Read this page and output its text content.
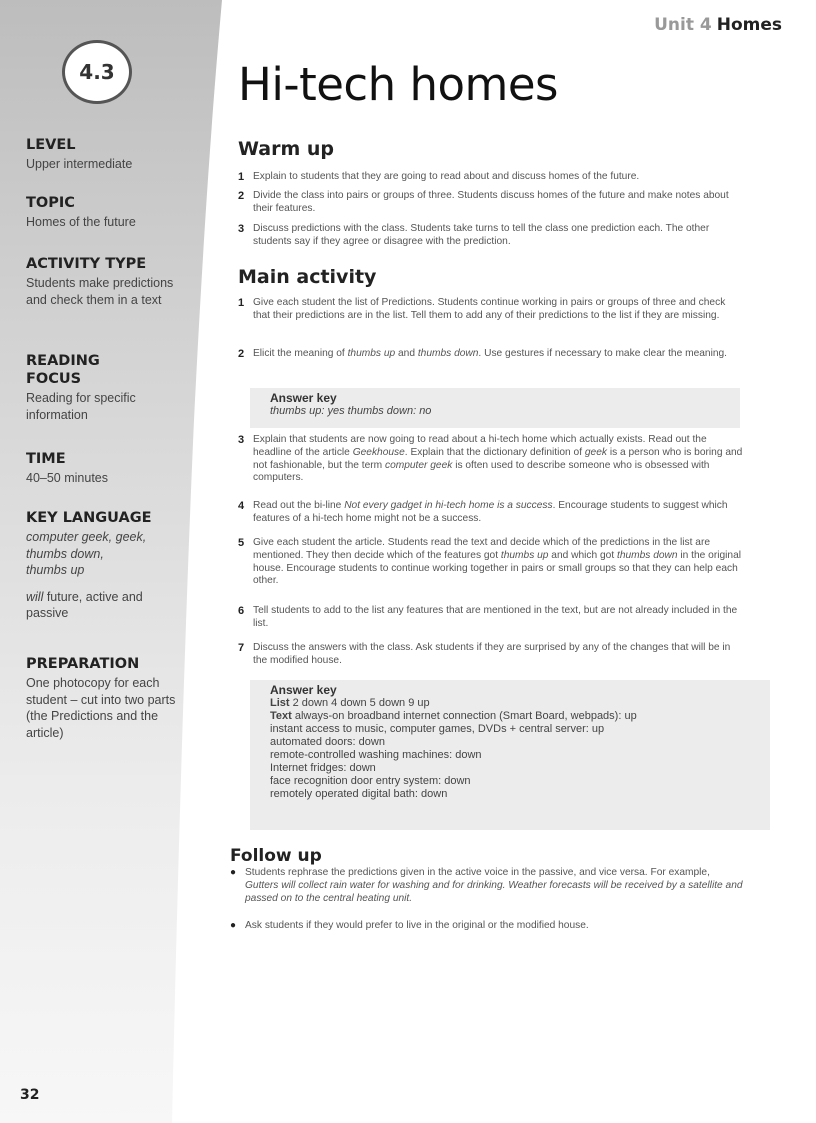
4.3
LEVEL

Upper intermediate

TOPIC

Homes of the future

ACTIVITY TYPE

Students make predictions and check them in a text

READING FOCUS

Reading for specific information

TIME

40–50 minutes

KEY LANGUAGE

computer geek, geek,

thumbs down,

thumbs up

will future, active and passive

PREPARATION

One photocopy for each student – cut into two parts (the Predictions and the article)

Unit 4 Homes
Hi-tech homes
Warm up
1 Explain to students that they are going to read about and discuss homes of the future.
2 Divide the class into pairs or groups of three. Students discuss homes of the future and make notes about their features.
3 Discuss predictions with the class. Students take turns to tell the class one prediction each. The other students say if they agree or disagree with the prediction.
Main activity
1 Give each student the list of Predictions. Students continue working in pairs or groups of three and check that their predictions are in the list. Tell them to add any of their predictions to the list if they are missing.
2 Elicit the meaning of thumbs up and thumbs down. Use gestures if necessary to make clear the meaning.
Answer key
thumbs up: yes thumbs down: no
3 Explain that students are now going to read about a hi-tech home which actually exists. Read out the headline of the article Geekhouse. Explain that the dictionary definition of geek is a person who is boring and not fashionable, but the term computer geek is often used to describe someone who is obsessed with computers.
4 Read out the bi-line Not every gadget in hi-tech home is a success. Encourage students to suggest which features of a hi-tech home might not be a success.
5 Give each student the article. Students read the text and decide which of the predictions in the list are mentioned. They then decide which of the features got thumbs up and which got thumbs down in the original house. Encourage students to continue working together in pairs or small groups so that they can help each other.
6 Tell students to add to the list any features that are mentioned in the text, but are not already included in the list.
7 Discuss the answers with the class. Ask students if they are surprised by any of the changes that will be in the modified house.
Answer key
List 2 down 4 down 5 down 9 up
Text always-on broadband internet connection (Smart Board, webpads): up
instant access to music, computer games, DVDs + central server: up
automated doors: down
remote-controlled washing machines: down
Internet fridges: down
face recognition door entry system: down
remotely operated digital bath: down
Follow up
● Students rephrase the predictions given in the active voice in the passive, and vice versa. For example, Gutters will collect rain water for washing and for drinking. Weather forecasts will be received by a satellite and passed on to the central heating unit.
● Ask students if they would prefer to live in the original or the modified house.
32
